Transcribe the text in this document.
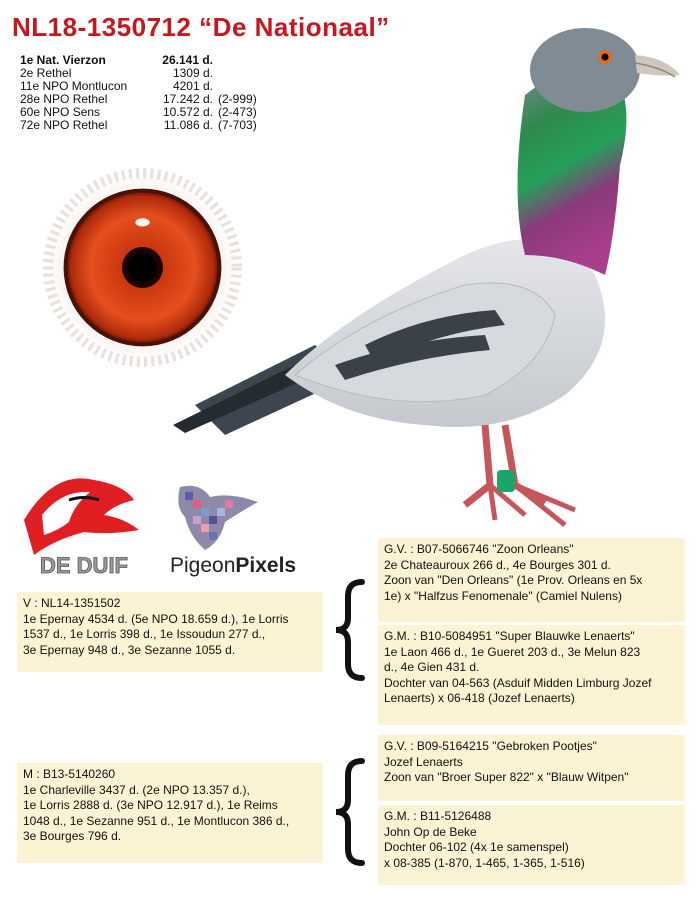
NL18-1350712 “De Nationaal”
1e Nat. Vierzon	26.141 d.
2e Rethel	1309 d.
11e NPO Montlucon	4201 d.
28e NPO Rethel	17.242 d. (2-999)
60e NPO Sens	10.572 d. (2-473)
72e NPO Rethel	11.086 d. (7-703)
DE DUIF PigeonPixels
V : NL14-1351502
1e Epernay 4534 d. (5e NPO 18.659 d.), 1e Lorris
1537 d., 1e Lorris 398 d., 1e Issoudun 277 d.,
3e Epernay 948 d., 3e Sezanne 1055 d.
G.V. : B07-5066746 "Zoon Orleans"
2e Chateauroux 266 d., 4e Bourges 301 d.
Zoon van "Den Orleans" (1e Prov. Orleans en 5x
1e) x "Halfzus Fenomenale" (Camiel Nulens)
G.M. : B10-5084951 "Super Blauwke Lenaerts"
1e Laon 466 d., 1e Gueret 203 d., 3e Melun 823
d., 4e Gien 431 d.
Dochter van 04-563 (Asduif Midden Limburg Jozef
Lenaerts) x 06-418 (Jozef Lenaerts)
M : B13-5140260
1e Charleville 3437 d. (2e NPO 13.357 d.),
1e Lorris 2888 d. (3e NPO 12.917 d.), 1e Reims
1048 d., 1e Sezanne 951 d., 1e Montlucon 386 d.,
3e Bourges 796 d.
G.V. : B09-5164215 "Gebroken Pootjes"
Jozef Lenaerts
Zoon van "Broer Super 822" x "Blauw Witpen"
G.M. : B11-5126488
John Op de Beke
Dochter 06-102 (4x 1e samenspel)
x 08-385 (1-870, 1-465, 1-365, 1-516)
